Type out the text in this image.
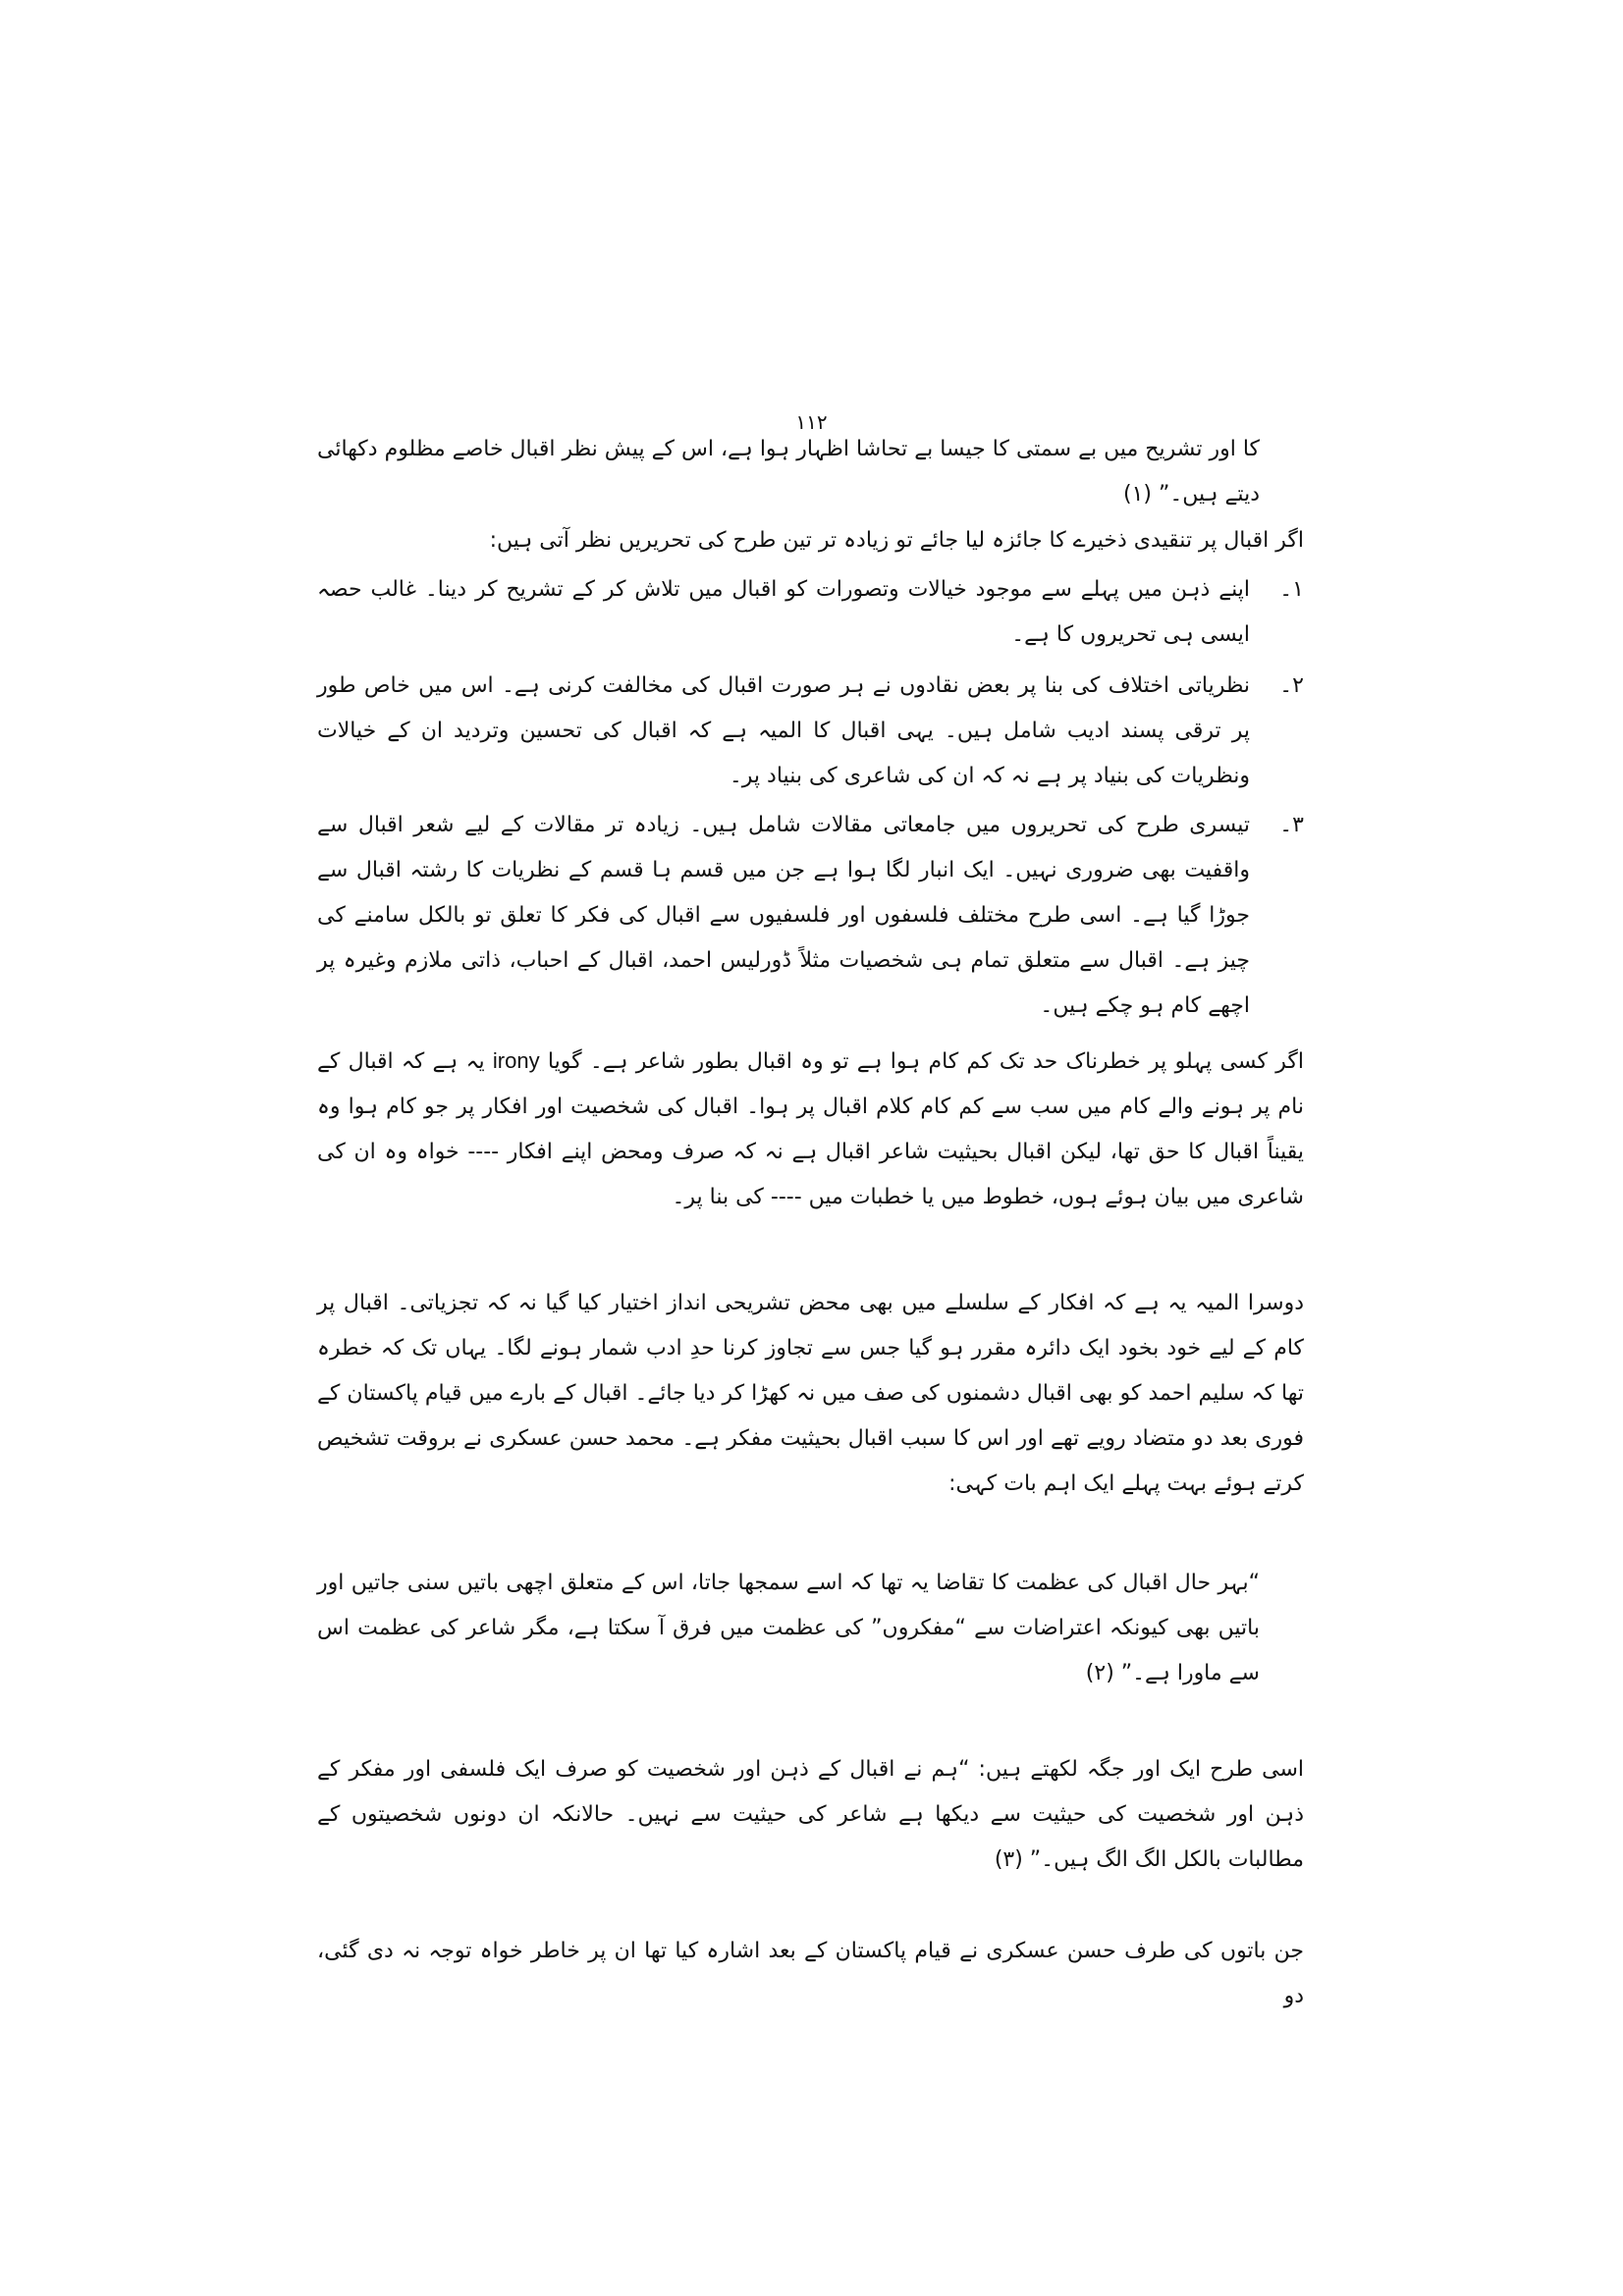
۱۱۲

کا اور تشریح میں بے سمتی کا جیسا بے تحاشا اظہار ہوا ہے، اس کے پیش نظر اقبال خاصے مظلوم دکھائی دیتے ہیں۔” (۱)

اگر اقبال پر تنقیدی ذخیرے کا جائزہ لیا جائے تو زیادہ تر تین طرح کی تحریریں نظر آتی ہیں:

۱۔
اپنے ذہن میں پہلے سے موجود خیالات وتصورات کو اقبال میں تلاش کر کے تشریح کر دینا۔ غالب حصہ ایسی ہی تحریروں کا ہے۔
۲۔
نظریاتی اختلاف کی بنا پر بعض نقادوں نے ہر صورت اقبال کی مخالفت کرنی ہے۔ اس میں خاص طور پر ترقی پسند ادیب شامل ہیں۔ یہی اقبال کا المیہ ہے کہ اقبال کی تحسین وتردید ان کے خیالات ونظریات کی بنیاد پر ہے نہ کہ ان کی شاعری کی بنیاد پر۔
۳۔
تیسری طرح کی تحریروں میں جامعاتی مقالات شامل ہیں۔ زیادہ تر مقالات کے لیے شعر اقبال سے واقفیت بھی ضروری نہیں۔ ایک انبار لگا ہوا ہے جن میں قسم ہا قسم کے نظریات کا رشتہ اقبال سے جوڑا گیا ہے۔ اسی طرح مختلف فلسفوں اور فلسفیوں سے اقبال کی فکر کا تعلق تو بالکل سامنے کی چیز ہے۔ اقبال سے متعلق تمام ہی شخصیات مثلاً ڈورلیس احمد، اقبال کے احباب، ذاتی ملازم وغیرہ پر اچھے کام ہو چکے ہیں۔

اگر کسی پہلو پر خطرناک حد تک کم کام ہوا ہے تو وہ اقبال بطور شاعر ہے۔ گویا irony یہ ہے کہ اقبال کے نام پر ہونے والے کام میں سب سے کم کام کلام اقبال پر ہوا۔ اقبال کی شخصیت اور افکار پر جو کام ہوا وہ یقیناً اقبال کا حق تھا، لیکن اقبال بحیثیت شاعر اقبال ہے نہ کہ صرف ومحض اپنے افکار ---- خواہ وہ ان کی شاعری میں بیان ہوئے ہوں، خطوط میں یا خطبات میں ---- کی بنا پر۔

دوسرا المیہ یہ ہے کہ افکار کے سلسلے میں بھی محض تشریحی انداز اختیار کیا گیا نہ کہ تجزیاتی۔ اقبال پر کام کے لیے خود بخود ایک دائرہ مقرر ہو گیا جس سے تجاوز کرنا حدِ ادب شمار ہونے لگا۔ یہاں تک کہ خطرہ تھا کہ سلیم احمد کو بھی اقبال دشمنوں کی صف میں نہ کھڑا کر دیا جائے۔ اقبال کے بارے میں قیام پاکستان کے فوری بعد دو متضاد رویے تھے اور اس کا سبب اقبال بحیثیت مفکر ہے۔ محمد حسن عسکری نے بروقت تشخیص کرتے ہوئے بہت پہلے ایک اہم بات کہی:

“بہر حال اقبال کی عظمت کا تقاضا یہ تھا کہ اسے سمجھا جاتا، اس کے متعلق اچھی باتیں سنی جاتیں اور باتیں بھی کیونکہ اعتراضات سے “مفکروں” کی عظمت میں فرق آ سکتا ہے، مگر شاعر کی عظمت اس سے ماورا ہے۔” (۲)

اسی طرح ایک اور جگہ لکھتے ہیں: “ہم نے اقبال کے ذہن اور شخصیت کو صرف ایک فلسفی اور مفکر کے ذہن اور شخصیت کی حیثیت سے دیکھا ہے شاعر کی حیثیت سے نہیں۔ حالانکہ ان دونوں شخصیتوں کے مطالبات بالکل الگ الگ ہیں۔” (۳)

جن باتوں کی طرف حسن عسکری نے قیام پاکستان کے بعد اشارہ کیا تھا ان پر خاطر خواہ توجہ نہ دی گئی، دو
